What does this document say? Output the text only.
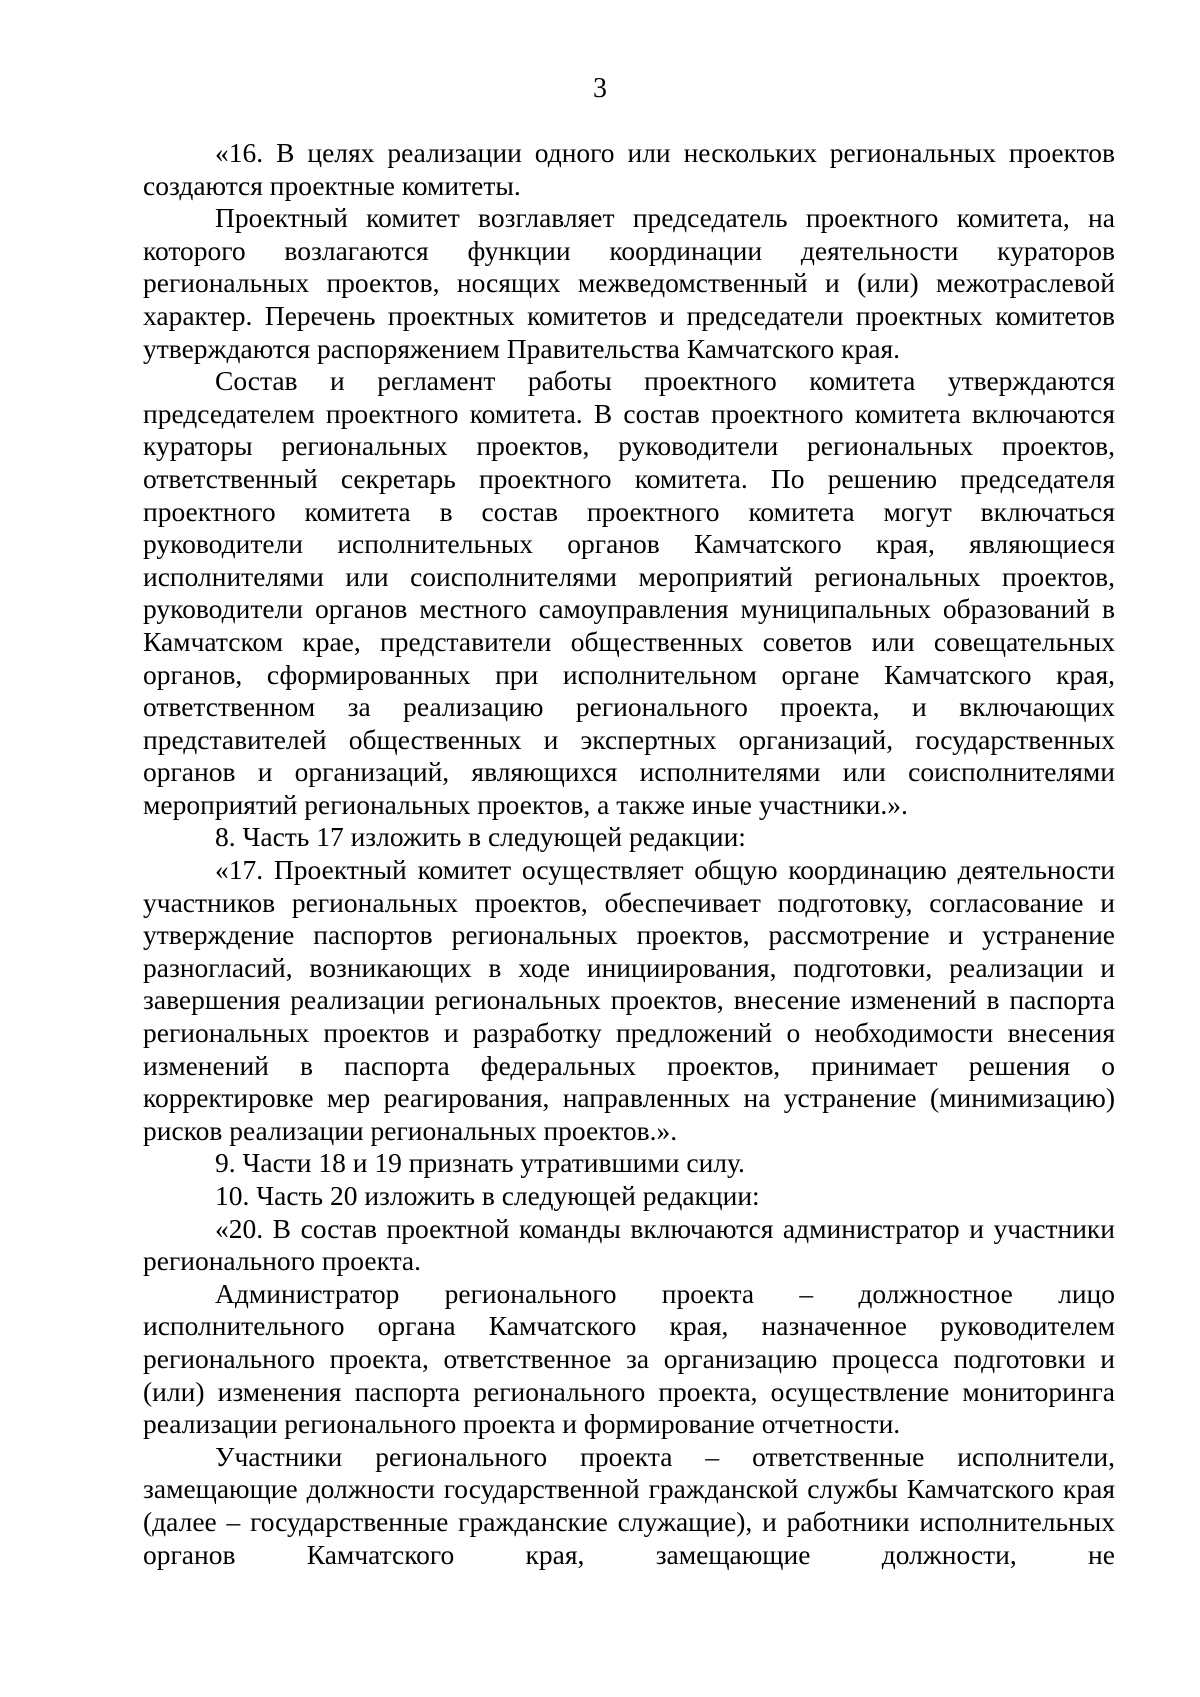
3

«16. В целях реализации одного или нескольких региональных проектов создаются проектные комитеты.

Проектный комитет возглавляет председатель проектного комитета, на которого возлагаются функции координации деятельности кураторов региональных проектов, носящих межведомственный и (или) межотраслевой характер. Перечень проектных комитетов и председатели проектных комитетов утверждаются распоряжением Правительства Камчатского края.

Состав и регламент работы проектного комитета утверждаются председателем проектного комитета. В состав проектного комитета включаются кураторы региональных проектов, руководители региональных проектов, ответственный секретарь проектного комитета. По решению председателя проектного комитета в состав проектного комитета могут включаться руководители исполнительных органов Камчатского края, являющиеся исполнителями или соисполнителями мероприятий региональных проектов, руководители органов местного самоуправления муниципальных образований в Камчатском крае, представители общественных советов или совещательных органов, сформированных при исполнительном органе Камчатского края, ответственном за реализацию регионального проекта, и включающих представителей общественных и экспертных организаций, государственных органов и организаций, являющихся исполнителями или соисполнителями мероприятий региональных проектов, а также иные участники.».

8. Часть 17 изложить в следующей редакции:

«17. Проектный комитет осуществляет общую координацию деятельности участников региональных проектов, обеспечивает подготовку, согласование и утверждение паспортов региональных проектов, рассмотрение и устранение разногласий, возникающих в ходе инициирования, подготовки, реализации и завершения реализации региональных проектов, внесение изменений в паспорта региональных проектов и разработку предложений о необходимости внесения изменений в паспорта федеральных проектов, принимает решения о корректировке мер реагирования, направленных на устранение (минимизацию) рисков реализации региональных проектов.».

9. Части 18 и 19 признать утратившими силу.

10. Часть 20 изложить в следующей редакции:

«20. В состав проектной команды включаются администратор и участники регионального проекта.

Администратор регионального проекта – должностное лицо исполнительного органа Камчатского края, назначенное руководителем регионального проекта, ответственное за организацию процесса подготовки и (или) изменения паспорта регионального проекта, осуществление мониторинга реализации регионального проекта и формирование отчетности.

Участники регионального проекта – ответственные исполнители, замещающие должности государственной гражданской службы Камчатского края (далее – государственные гражданские служащие), и работники исполнительных органов Камчатского края, замещающие должности, не
